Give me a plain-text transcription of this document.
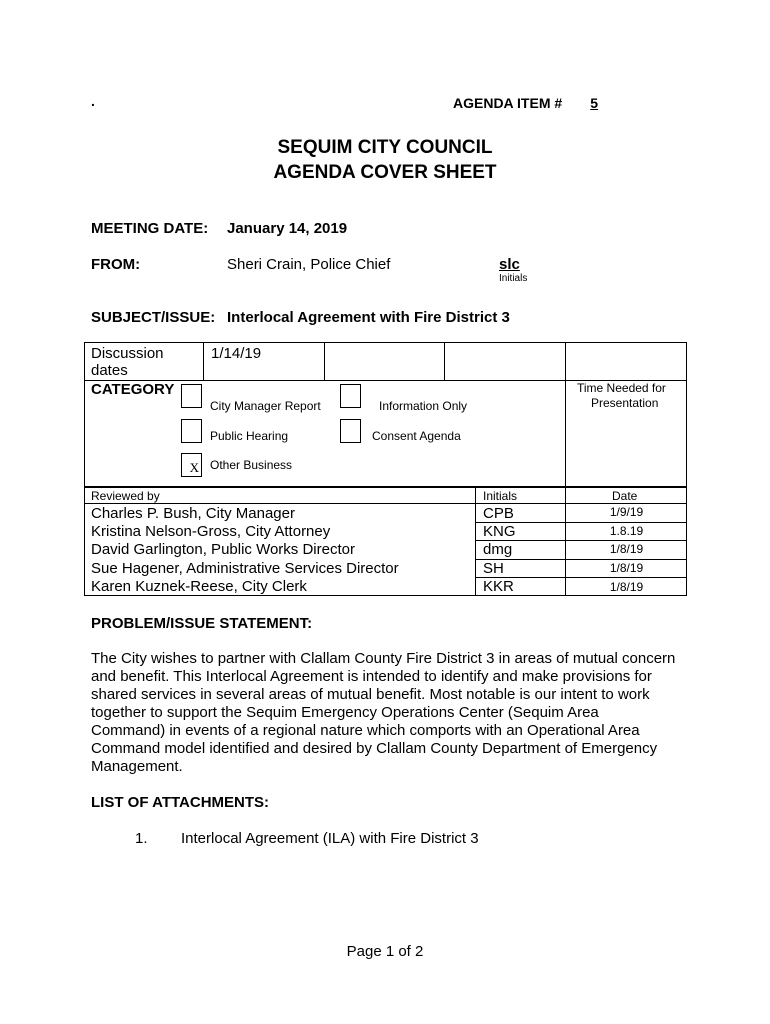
.	AGENDA ITEM # 5
SEQUIM CITY COUNCIL
AGENDA COVER SHEET
MEETING DATE: January 14, 2019
FROM:	Sheri Crain, Police Chief	slc
Initials
SUBJECT/ISSUE: Interlocal Agreement with Fire District 3
Discussion
dates
1/14/19
CATEGORY	Time Needed for
Presentation
City Manager Report	Information Only
Public Hearing	Consent Agenda
X Other Business
Reviewed by	Initials	Date
Charles P. Bush, City Manager	CPB	1/9/19
Kristina Nelson-Gross, City Attorney	KNG	1.8.19
David Garlington, Public Works Director	dmg	1/8/19
Sue Hagener, Administrative Services Director	SH	1/8/19
Karen Kuznek-Reese, City Clerk	KKR	1/8/19
PROBLEM/ISSUE STATEMENT:
The City wishes to partner with Clallam County Fire District 3 in areas of mutual concern
and benefit. This Interlocal Agreement is intended to identify and make provisions for
shared services in several areas of mutual benefit. Most notable is our intent to work
together to support the Sequim Emergency Operations Center (Sequim Area
Command) in events of a regional nature which comports with an Operational Area
Command model identified and desired by Clallam County Department of Emergency
Management.
LIST OF ATTACHMENTS:
1. Interlocal Agreement (ILA) with Fire District 3
Page 1 of 2
